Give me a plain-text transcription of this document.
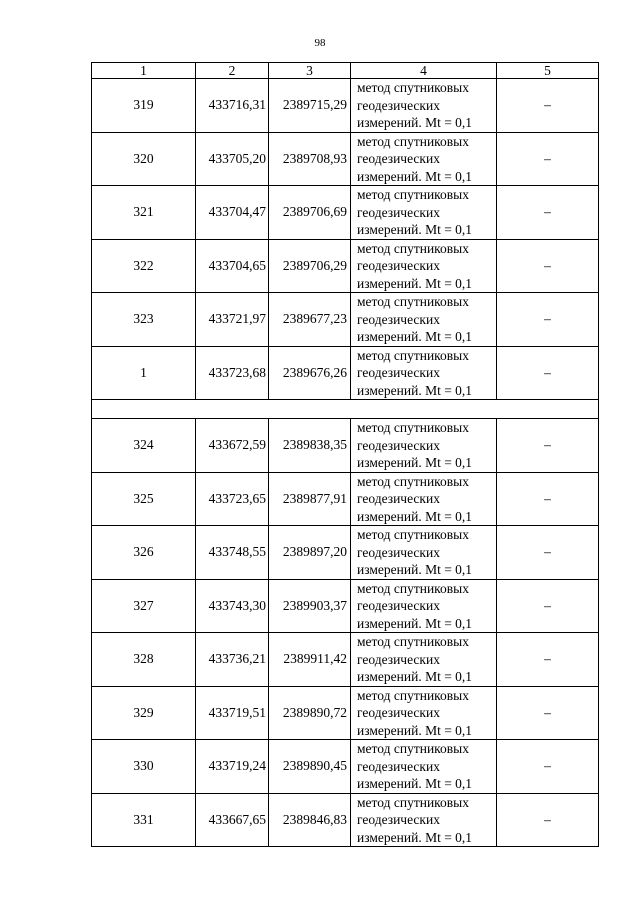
98
1	2	3	4	5
319	433716,31	2389715,29	метод спутниковых
геодезических
измерений. Mt = 0,1	–
320	433705,20	2389708,93	метод спутниковых
геодезических
измерений. Mt = 0,1	–
321	433704,47	2389706,69	метод спутниковых
геодезических
измерений. Mt = 0,1	–
322	433704,65	2389706,29	метод спутниковых
геодезических
измерений. Mt = 0,1	–
323	433721,97	2389677,23	метод спутниковых
геодезических
измерений. Mt = 0,1	–
1	433723,68	2389676,26	метод спутниковых
геодезических
измерений. Mt = 0,1	–

324	433672,59	2389838,35	метод спутниковых
геодезических
измерений. Mt = 0,1	–
325	433723,65	2389877,91	метод спутниковых
геодезических
измерений. Mt = 0,1	–
326	433748,55	2389897,20	метод спутниковых
геодезических
измерений. Mt = 0,1	–
327	433743,30	2389903,37	метод спутниковых
геодезических
измерений. Mt = 0,1	–
328	433736,21	2389911,42	метод спутниковых
геодезических
измерений. Mt = 0,1	–
329	433719,51	2389890,72	метод спутниковых
геодезических
измерений. Mt = 0,1	–
330	433719,24	2389890,45	метод спутниковых
геодезических
измерений. Mt = 0,1	–
331	433667,65	2389846,83	метод спутниковых
геодезических
измерений. Mt = 0,1	–
